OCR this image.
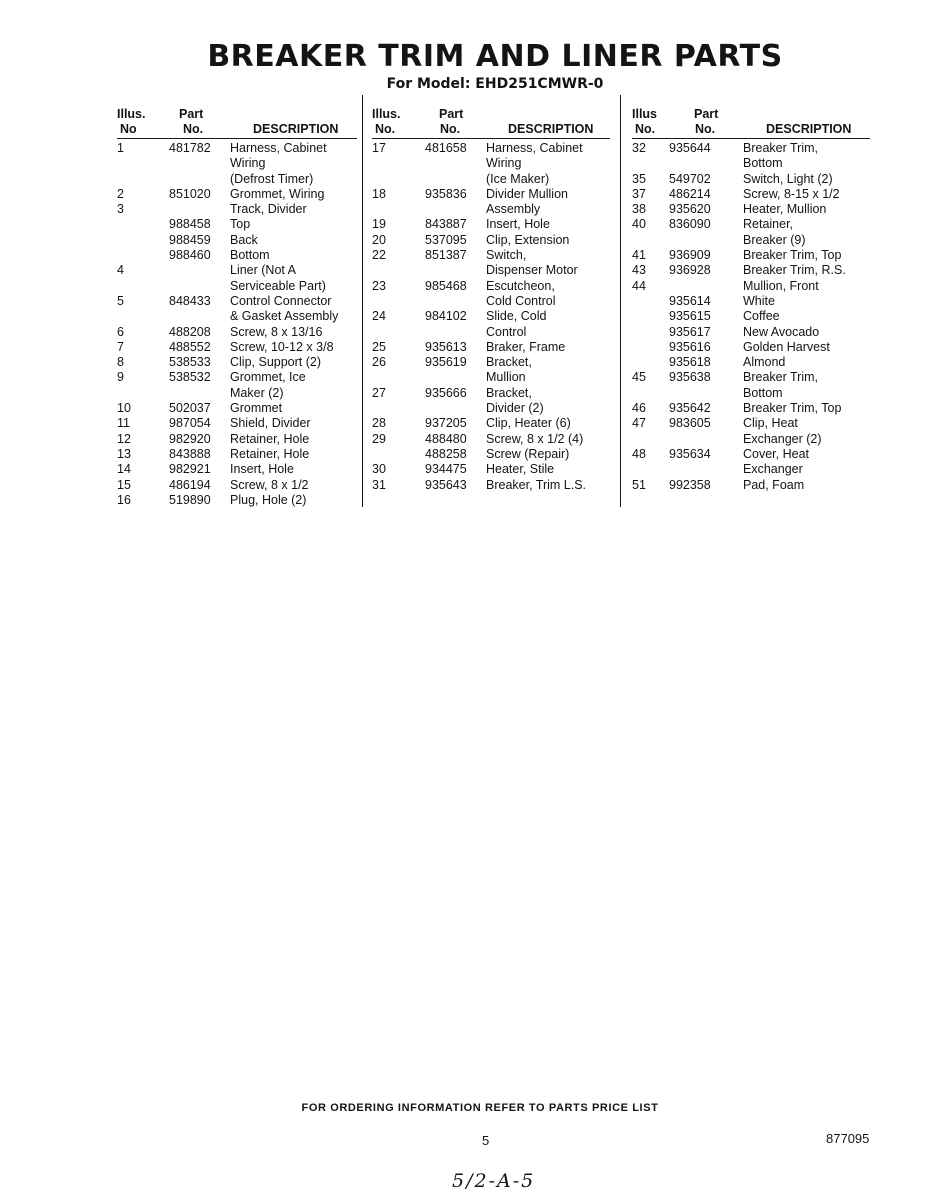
BREAKER TRIM AND LINER PARTS
For Model: EHD251CMWR-0
Illus.
No
Part
No.	DESCRIPTION
1	481782 Harness, Cabinet
Wiring
(Defrost Timer)
2	851020 Grommet, Wiring
3	Track, Divider
988458 Top
988459 Back
988460 Bottom
4	Liner (Not A
Serviceable Part)
5	848433 Control Connector
& Gasket Assembly
6	488208 Screw, 8 x 13/16
7	488552 Screw, 10-12 x 3/8
8	538533 Clip, Support (2)
9	538532 Grommet, Ice
Maker (2)
10	502037 Grommet
11	987054 Shield, Divider
12	982920 Retainer, Hole
13	843888 Retainer, Hole
14	982921 Insert, Hole
15	486194 Screw, 8 x 1/2
16	519890 Plug, Hole (2)
Illus.
No.
Part
No.	DESCRIPTION
17	481658 Harness, Cabinet
Wiring
(Ice Maker)
18	935836 Divider Mullion
Assembly
19	843887 Insert, Hole
20	537095 Clip, Extension
22	851387 Switch,
Dispenser Motor
23	985468 Escutcheon,
Cold Control
24	984102 Slide, Cold
Control
25	935613 Braker, Frame
26	935619 Bracket,
Mullion
27	935666 Bracket,
Divider (2)
28	937205 Clip, Heater (6)
29	488480 Screw, 8 x 1/2 (4)
488258 Screw (Repair)
30	934475 Heater, Stile
31	935643 Breaker, Trim L.S.
Illus
No.
Part
No.	DESCRIPTION
32 935644	Breaker Trim,
Bottom
35 549702	Switch, Light (2)
37 486214	Screw, 8-15 x 1/2
38 935620	Heater, Mullion
40 836090	Retainer,
Breaker (9)
41 936909	Breaker Trim, Top
43 936928	Breaker Trim, R.S.
44	Mullion, Front
935614	White
935615	Coffee
935617	New Avocado
935616	Golden Harvest
935618	Almond
45 935638	Breaker Trim,
Bottom
46 935642	Breaker Trim, Top
47 983605	Clip, Heat
Exchanger (2)
48 935634	Cover, Heat
Exchanger
51 992358	Pad, Foam
FOR ORDERING INFORMATION REFER TO PARTS PRICE LIST
5	877095
5/2-A-5
